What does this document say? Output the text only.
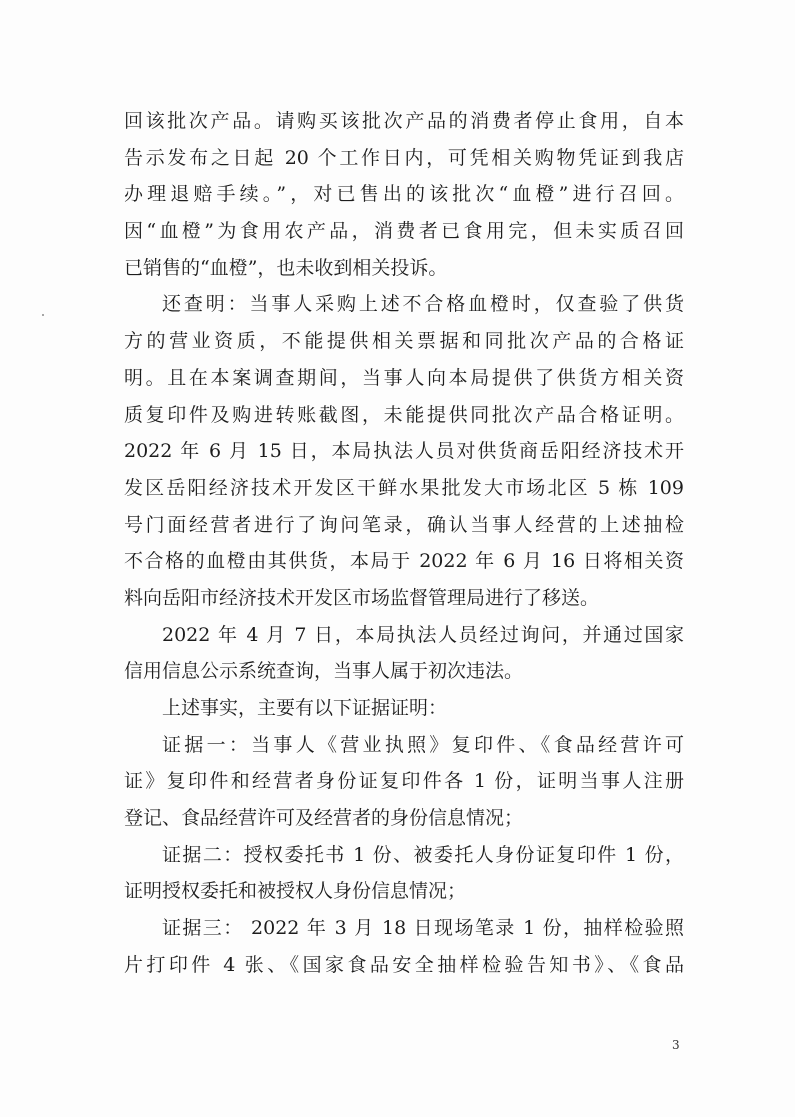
回该批次产品。请购买该批次产品的消费者停止食用，自本
告示发布之日起 20 个工作日内，可凭相关购物凭证到我店
办理退赔手续。”，对已售出的该批次“血橙”进行召回。
因“血橙”为食用农产品，消费者已食用完，但未实质召回
已销售的“血橙”，也未收到相关投诉。
还查明：当事人采购上述不合格血橙时，仅查验了供货
方的营业资质，不能提供相关票据和同批次产品的合格证
明。且在本案调查期间，当事人向本局提供了供货方相关资
质复印件及购进转账截图，未能提供同批次产品合格证明。
2022 年 6 月 15 日，本局执法人员对供货商岳阳经济技术开
发区岳阳经济技术开发区干鲜水果批发大市场北区 5 栋 109
号门面经营者进行了询问笔录，确认当事人经营的上述抽检
不合格的血橙由其供货，本局于 2022 年 6 月 16 日将相关资
料向岳阳市经济技术开发区市场监督管理局进行了移送。
2022 年 4 月 7 日，本局执法人员经过询问，并通过国家
信用信息公示系统查询，当事人属于初次违法。
上述事实，主要有以下证据证明：
证据一：当事人《营业执照》复印件、《食品经营许可
证》复印件和经营者身份证复印件各 1 份，证明当事人注册
登记、食品经营许可及经营者的身份信息情况；
证据二：授权委托书 1 份、被委托人身份证复印件 1 份，
证明授权委托和被授权人身份信息情况；
证据三： 2022 年 3 月 18 日现场笔录 1 份，抽样检验照
片打印件 4 张、《国家食品安全抽样检验告知书》、《食品
3
